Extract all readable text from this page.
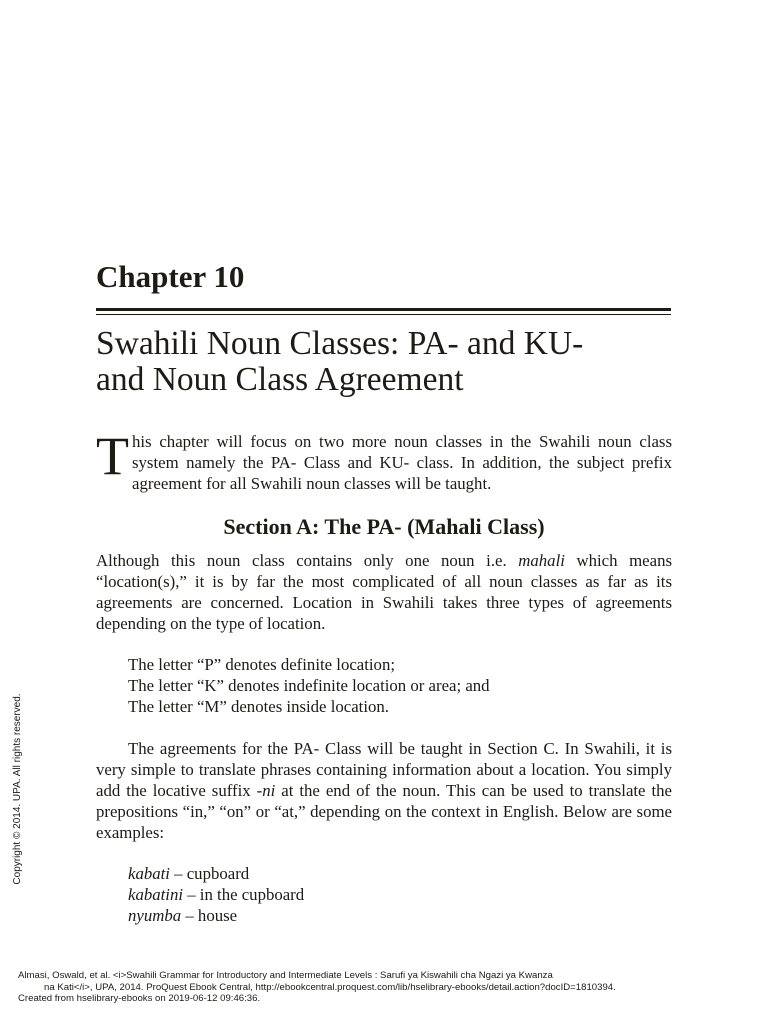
Chapter 10
Swahili Noun Classes: PA- and KU-
and Noun Class Agreement

This chapter will focus on two more noun classes in the Swahili noun class system namely the PA- Class and KU- class. In addition, the subject prefix agreement for all Swahili noun classes will be taught.

Section A: The PA- (Mahali Class)

Although this noun class contains only one noun i.e. mahali which means “location(s),” it is by far the most complicated of all noun classes as far as its agreements are concerned. Location in Swahili takes three types of agreements depending on the type of location.

The letter “P” denotes definite location;
The letter “K” denotes indefinite location or area; and
The letter “M” denotes inside location.

The agreements for the PA- Class will be taught in Section C. In Swahili, it is very simple to translate phrases containing information about a location. You simply add the locative suffix -ni at the end of the noun. This can be used to translate the prepositions “in,” “on” or “at,” depending on the context in English. Below are some examples:

kabati – cupboard
kabatini – in the cupboard
nyumba – house
Copyright © 2014. UPA. All rights reserved.
Almasi, Oswald, et al. <i>Swahili Grammar for Introductory and Intermediate Levels : Sarufi ya Kiswahili cha Ngazi ya Kwanza
na Kati</i>, UPA, 2014. ProQuest Ebook Central, http://ebookcentral.proquest.com/lib/hselibrary-ebooks/detail.action?docID=1810394.
Created from hselibrary-ebooks on 2019-06-12 09:46:36.
